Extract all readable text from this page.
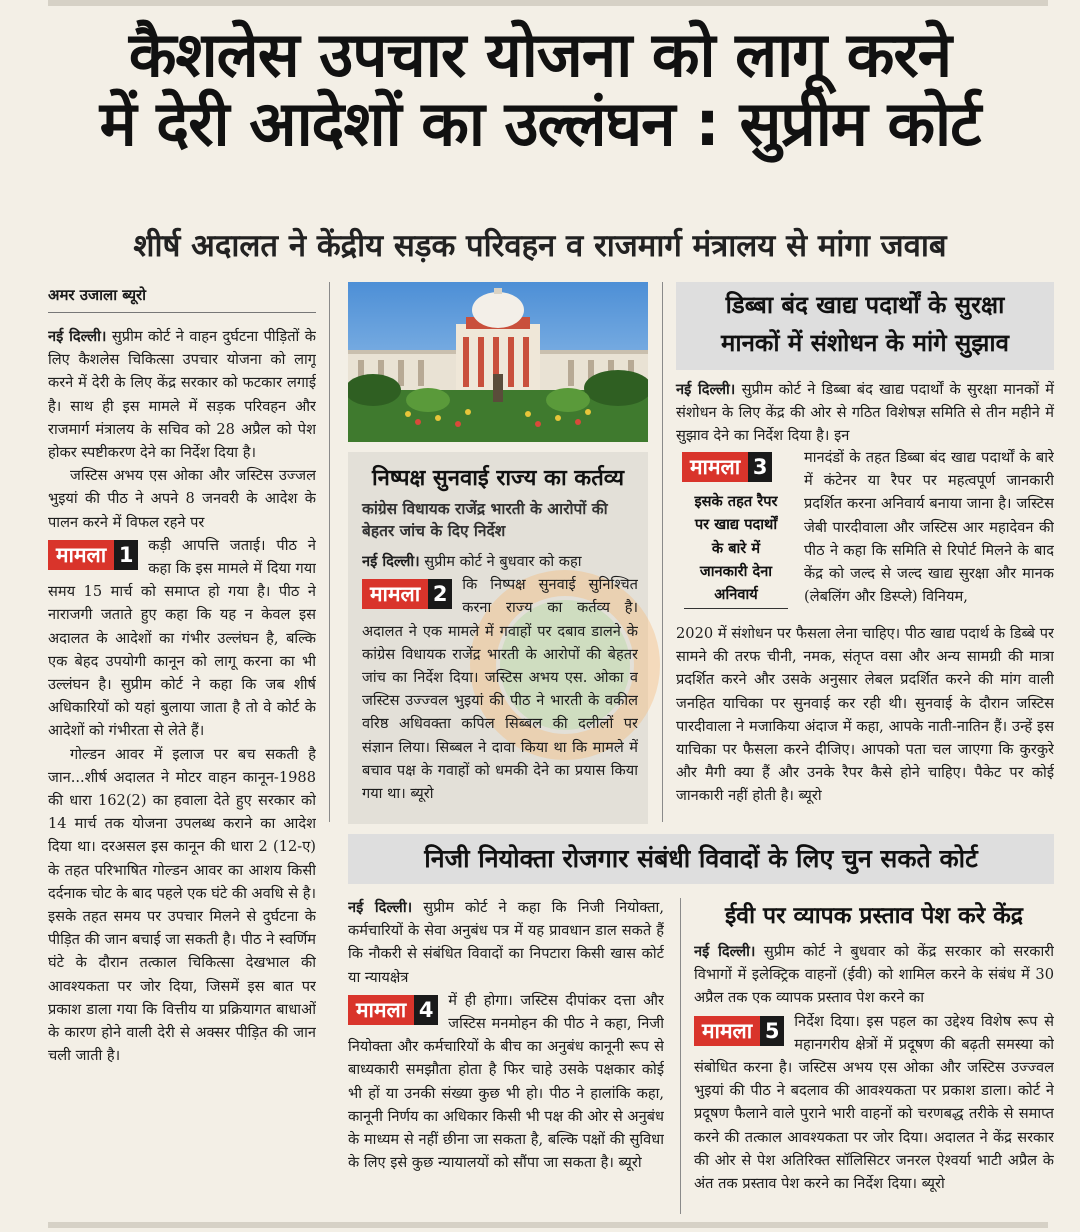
कैशलेस उपचार योजना को लागू करने
में देरी आदेशों का उल्लंघन : सुप्रीम कोर्ट
शीर्ष अदालत ने केंद्रीय सड़क परिवहन व राजमार्ग मंत्रालय से मांगा जवाब
अमर उजाला ब्यूरो

नई दिल्ली। सुप्रीम कोर्ट ने वाहन दुर्घटना पीड़ितों के लिए कैशलेस चिकित्सा उपचार योजना को लागू करने में देरी के लिए केंद्र सरकार को फटकार लगाई है। साथ ही इस मामले में सड़क परिवहन और राजमार्ग मंत्रालय के सचिव को 28 अप्रैल को पेश होकर स्पष्टीकरण देने का निर्देश दिया है।

जस्टिस अभय एस ओका और जस्टिस उज्जल भुइयां की पीठ ने अपने 8 जनवरी के आदेश के पालन करने में विफल रहने पर

मामला 1	कड़ी आपत्ति जताई। पीठ ने कहा कि इस मामले में दिया गया समय 15 मार्च को समाप्त हो गया है। पीठ ने नाराजगी जताते हुए कहा कि यह न केवल इस अदालत के आदेशों का गंभीर उल्लंघन है, बल्कि एक बेहद उपयोगी कानून को लागू करना का भी उल्लंघन है। सुप्रीम कोर्ट ने कहा कि जब शीर्ष अधिकारियों को यहां बुलाया जाता है तो वे कोर्ट के आदेशों को गंभीरता से लेते हैं।

गोल्डन आवर में इलाज पर बच सकती है जान...शीर्ष अदालत ने मोटर वाहन कानून-1988 की धारा 162(2) का हवाला देते हुए सरकार को 14 मार्च तक योजना उपलब्ध कराने का आदेश दिया था। दरअसल इस कानून की धारा 2 (12-ए) के तहत परिभाषित गोल्डन आवर का आशय किसी दर्दनाक चोट के बाद पहले एक घंटे की अवधि से है। इसके तहत समय पर उपचार मिलने से दुर्घटना के पीड़ित की जान बचाई जा सकती है। पीठ ने स्वर्णिम घंटे के दौरान तत्काल चिकित्सा देखभाल की आवश्यकता पर जोर दिया, जिसमें इस बात पर प्रकाश डाला गया कि वित्तीय या प्रक्रियागत बाधाओं के कारण होने वाली देरी से अक्सर पीड़ित की जान चली जाती है।

निष्पक्ष सुनवाई राज्य का कर्तव्य
कांग्रेस विधायक राजेंद्र भारती के आरोपों की बेहतर जांच के दिए निर्देश

नई दिल्ली। सुप्रीम कोर्ट ने बुधवार को कहा

मामला 2	कि निष्पक्ष सुनवाई सुनिश्चित करना राज्य का कर्तव्य है। अदालत ने एक मामले में गवाहों पर दबाव डालने के कांग्रेस विधायक राजेंद्र भारती के आरोपों की बेहतर जांच का निर्देश दिया। जस्टिस अभय एस. ओका व जस्टिस उज्ज्वल भुइयां की पीठ ने भारती के वकील वरिष्ठ अधिवक्ता कपिल सिब्बल की दलीलों पर संज्ञान लिया। सिब्बल ने दावा किया था कि मामले में बचाव पक्ष के गवाहों को धमकी देने का प्रयास किया गया था। ब्यूरो

डिब्बा बंद खाद्य पदार्थों के सुरक्षा
मानकों में संशोधन के मांगे सुझाव

नई दिल्ली। सुप्रीम कोर्ट ने डिब्बा बंद खाद्य पदार्थों के सुरक्षा मानकों में संशोधन के लिए केंद्र की ओर से गठित विशेषज्ञ समिति से तीन महीने में सुझाव देने का निर्देश दिया है। इन

मामला 3
इसके तहत रैपर
पर खाद्य पदार्थों
के बारे में
जानकारी देना
अनिवार्य

मानदंडों के तहत डिब्बा बंद खाद्य पदार्थों के बारे में कंटेनर या रैपर पर महत्वपूर्ण जानकारी प्रदर्शित करना अनिवार्य बनाया जाना है। जस्टिस जेबी पारदीवाला और जस्टिस आर महादेवन की पीठ ने कहा कि समिति से रिपोर्ट मिलने के बाद केंद्र को जल्द से जल्द खाद्य सुरक्षा और मानक (लेबलिंग और डिस्प्ले) विनियम,

2020 में संशोधन पर फैसला लेना चाहिए। पीठ खाद्य पदार्थ के डिब्बे पर सामने की तरफ चीनी, नमक, संतृप्त वसा और अन्य सामग्री की मात्रा प्रदर्शित करने और उसके अनुसार लेबल प्रदर्शित करने की मांग वाली जनहित याचिका पर सुनवाई कर रही थी। सुनवाई के दौरान जस्टिस पारदीवाला ने मजाकिया अंदाज में कहा, आपके नाती-नातिन हैं। उन्हें इस याचिका पर फैसला करने दीजिए। आपको पता चल जाएगा कि कुरकुरे और मैगी क्या हैं और उनके रैपर कैसे होने चाहिए। पैकेट पर कोई जानकारी नहीं होती है। ब्यूरो

निजी नियोक्ता रोजगार संबंधी विवादों के लिए चुन सकते कोर्ट

नई दिल्ली। सुप्रीम कोर्ट ने कहा कि निजी नियोक्ता, कर्मचारियों के सेवा अनुबंध पत्र में यह प्रावधान डाल सकते हैं कि नौकरी से संबंधित विवादों का निपटारा किसी खास कोर्ट या न्यायक्षेत्र

मामला 4	में ही होगा। जस्टिस दीपांकर दत्ता और जस्टिस मनमोहन की पीठ ने कहा, निजी नियोक्ता और कर्मचारियों के बीच का अनुबंध कानूनी रूप से बाध्यकारी समझौता होता है फिर चाहे उसके पक्षकार कोई भी हों या उनकी संख्या कुछ भी हो। पीठ ने हालांकि कहा, कानूनी निर्णय का अधिकार किसी भी पक्ष की ओर से अनुबंध के माध्यम से नहीं छीना जा सकता है, बल्कि पक्षों की सुविधा के लिए इसे कुछ न्यायालयों को सौंपा जा सकता है। ब्यूरो

ईवी पर व्यापक प्रस्ताव पेश करे केंद्र

नई दिल्ली। सुप्रीम कोर्ट ने बुधवार को केंद्र सरकार को सरकारी विभागों में इलेक्ट्रिक वाहनों (ईवी) को शामिल करने के संबंध में 30 अप्रैल तक एक व्यापक प्रस्ताव पेश करने का

मामला 5	निर्देश दिया। इस पहल का उद्देश्य विशेष रूप से महानगरीय क्षेत्रों में प्रदूषण की बढ़ती समस्या को संबोधित करना है। जस्टिस अभय एस ओका और जस्टिस उज्ज्वल भुइयां की पीठ ने बदलाव की आवश्यकता पर प्रकाश डाला। कोर्ट ने प्रदूषण फैलाने वाले पुराने भारी वाहनों को चरणबद्ध तरीके से समाप्त करने की तत्काल आवश्यकता पर जोर दिया। अदालत ने केंद्र सरकार की ओर से पेश अतिरिक्त सॉलिसिटर जनरल ऐश्वर्या भाटी अप्रैल के अंत तक प्रस्ताव पेश करने का निर्देश दिया। ब्यूरो
